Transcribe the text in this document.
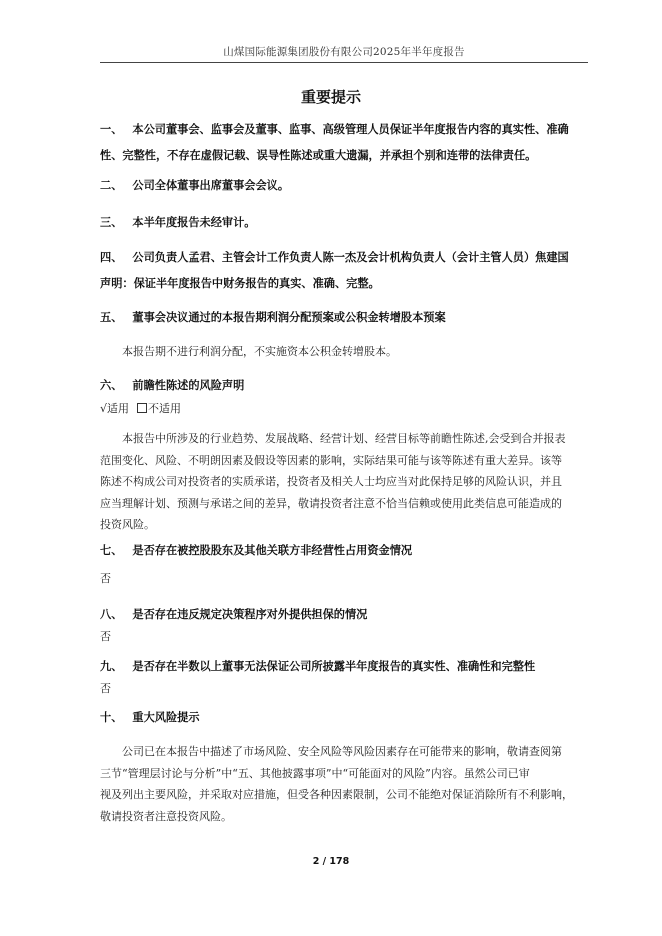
山煤国际能源集团股份有限公司2025年半年度报告
重要提示
一、 本公司董事会、监事会及董事、监事、高级管理人员保证半年度报告内容的真实性、准确
性、完整性，不存在虚假记载、误导性陈述或重大遗漏，并承担个别和连带的法律责任。
二、 公司全体董事出席董事会会议。
三、 本半年度报告未经审计。
四、 公司负责人孟君、主管会计工作负责人陈一杰及会计机构负责人（会计主管人员）焦建国
声明：保证半年度报告中财务报告的真实、准确、完整。
五、 董事会决议通过的本报告期利润分配预案或公积金转增股本预案
本报告期不进行利润分配，不实施资本公积金转增股本。
六、 前瞻性陈述的风险声明
√适用 不适用
本报告中所涉及的行业趋势、发展战略、经营计划、经营目标等前瞻性陈述,会受到合并报表
范围变化、风险、不明朗因素及假设等因素的影响，实际结果可能与该等陈述有重大差异。该等
陈述不构成公司对投资者的实质承诺，投资者及相关人士均应当对此保持足够的风险认识，并且
应当理解计划、预测与承诺之间的差异，敬请投资者注意不恰当信赖或使用此类信息可能造成的
投资风险。
七、 是否存在被控股股东及其他关联方非经营性占用资金情况
否
八、 是否存在违反规定决策程序对外提供担保的情况
否
九、 是否存在半数以上董事无法保证公司所披露半年度报告的真实性、准确性和完整性
否
十、 重大风险提示
公司已在本报告中描述了市场风险、安全风险等风险因素存在可能带来的影响，敬请查阅第
三节“管理层讨论与分析”中“五、其他披露事项”中“可能面对的风险”内容。虽然公司已审
视及列出主要风险，并采取对应措施，但受各种因素限制，公司不能绝对保证消除所有不利影响，
敬请投资者注意投资风险。
2 / 178
